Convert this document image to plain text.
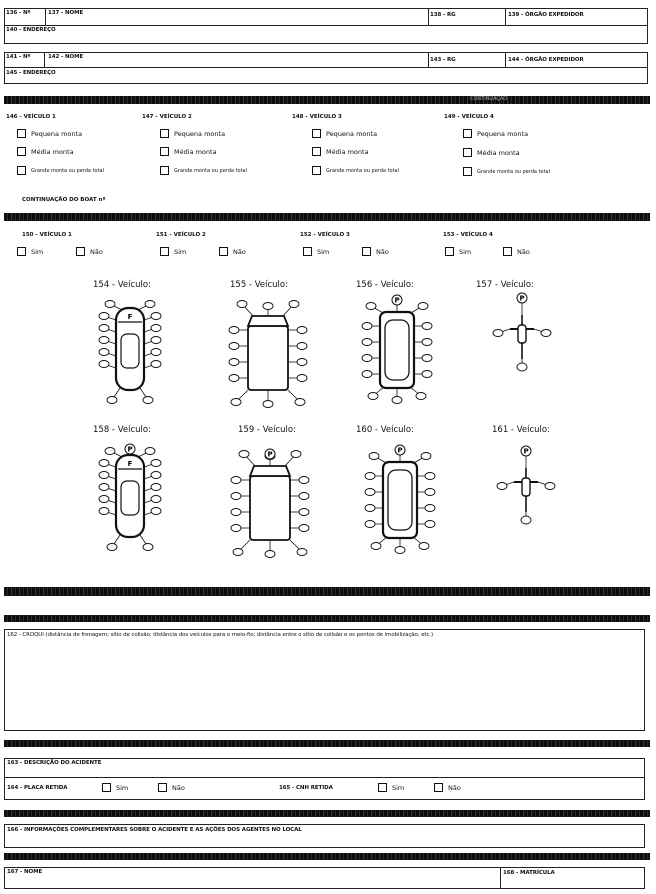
136 - Nº	137 - NOME	138 - RG	139 - ÓRGÃO EXPEDIDOR
140 - ENDEREÇO
141 - Nº	142 - NOME	143 - RG	144 - ÓRGÃO EXPEDIDOR
145 - ENDEREÇO
CONTINUAÇÃO
146 - VEÍCULO 1
Pequena monta
Média monta
Grande monta ou perda total
147 - VEÍCULO 2
Pequena monta
Média monta
Grande monta ou perda total
148 - VEÍCULO 3
Pequena monta
Média monta
Grande monta ou perda total
149 - VEÍCULO 4
Pequena monta
Média monta
Grande monta ou perda total
CONTINUAÇÃO DO BOAT nº
150 - VEÍCULO 1
Sim	Não
151 - VEÍCULO 2
Sim	Não
152 - VEÍCULO 3
Sim	Não
153 - VEÍCULO 4
Sim	Não
154 - Veículo:
F
155 - Veículo:	156 - Veículo:
P
157 - Veículo:
P
158 - Veículo:
F
P
159 - Veículo:
P
160 - Veículo:
P
161 - Veículo:
P
162 - CROQUI (distância de frenagem; sítio de colisão; distância dos veículos para o meio-fio; distância entre o sítio de colisão e os pontos de imobilização, etc.)
163 - DESCRIÇÃO DO ACIDENTE
164 - PLACA RETIDA	Sim	Não	165 - CNH RETIDA	Sim	Não
166 - INFORMAÇÕES COMPLEMENTARES SOBRE O ACIDENTE E AS AÇÕES DOS AGENTES NO LOCAL
167 - NOME	168 - MATRÍCULA
